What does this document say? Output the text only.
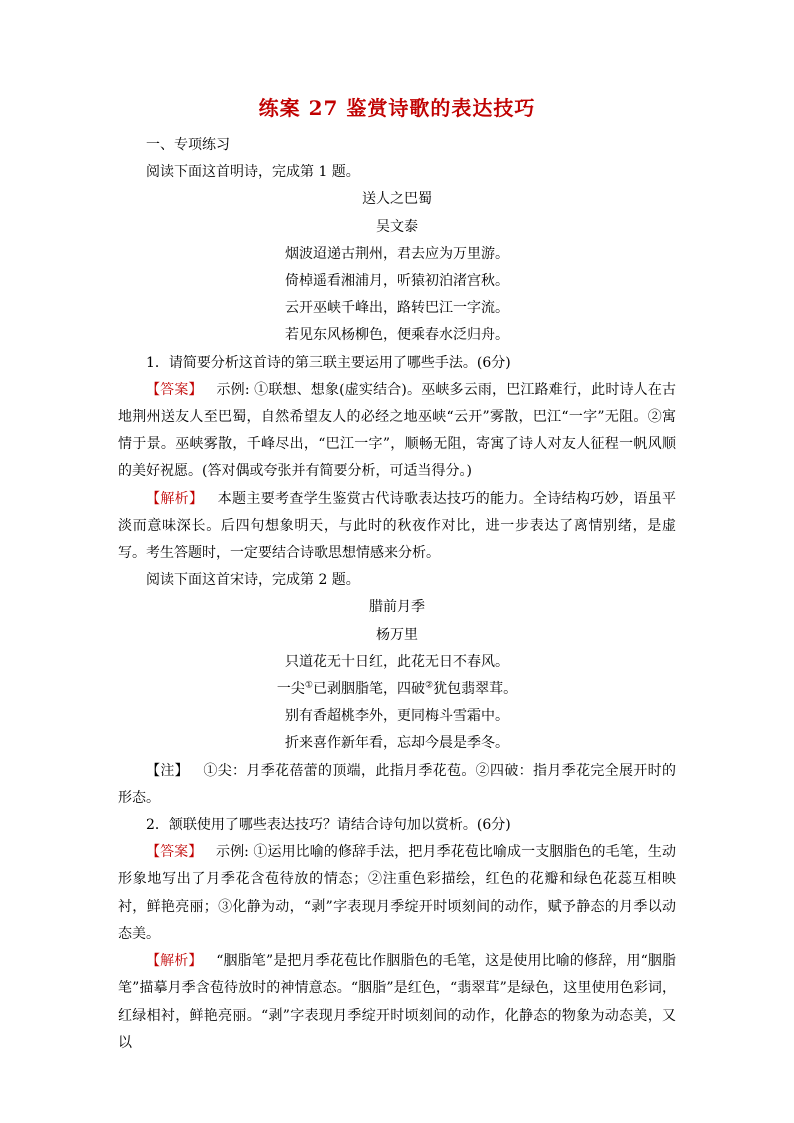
练案 27 鉴赏诗歌的表达技巧

一、专项练习

阅读下面这首明诗，完成第 1 题。

送人之巴蜀

吴文泰

烟波迢递古荆州，君去应为万里游。

倚棹遥看湘浦月，听猿初泊渚宫秋。

云开巫峡千峰出，路转巴江一字流。

若见东风杨柳色，便乘春水泛归舟。

1．请简要分析这首诗的第三联主要运用了哪些手法。(6分)

【答案】 示例: ①联想、想象(虚实结合)。巫峡多云雨，巴江路难行，此时诗人在古地荆州送友人至巴蜀，自然希望友人的必经之地巫峡“云开”雾散，巴江“一字”无阻。②寓情于景。巫峡雾散，千峰尽出，“巴江一字”，顺畅无阻，寄寓了诗人对友人征程一帆风顺的美好祝愿。(答对偶或夸张并有简要分析，可适当得分。)

【解析】 本题主要考查学生鉴赏古代诗歌表达技巧的能力。全诗结构巧妙，语虽平淡而意味深长。后四句想象明天，与此时的秋夜作对比，进一步表达了离情别绪，是虚写。考生答题时，一定要结合诗歌思想情感来分析。

阅读下面这首宋诗，完成第 2 题。

腊前月季

杨万里

只道花无十日红，此花无日不春风。

一尖①已剥胭脂笔，四破②犹包翡翠茸。

别有香超桃李外，更同梅斗雪霜中。

折来喜作新年看，忘却今晨是季冬。

【注】 ①尖：月季花蓓蕾的顶端，此指月季花苞。②四破：指月季花完全展开时的形态。

2．颔联使用了哪些表达技巧？请结合诗句加以赏析。(6分)

【答案】 示例: ①运用比喻的修辞手法，把月季花苞比喻成一支胭脂色的毛笔，生动形象地写出了月季花含苞待放的情态；②注重色彩描绘，红色的花瓣和绿色花蕊互相映衬，鲜艳亮丽；③化静为动，“剥”字表现月季绽开时顷刻间的动作，赋予静态的月季以动态美。

【解析】 “胭脂笔”是把月季花苞比作胭脂色的毛笔，这是使用比喻的修辞，用“胭脂笔”描摹月季含苞待放时的神情意态。“胭脂”是红色，“翡翠茸”是绿色，这里使用色彩词，红绿相衬，鲜艳亮丽。“剥”字表现月季绽开时顷刻间的动作，化静态的物象为动态美，又以
